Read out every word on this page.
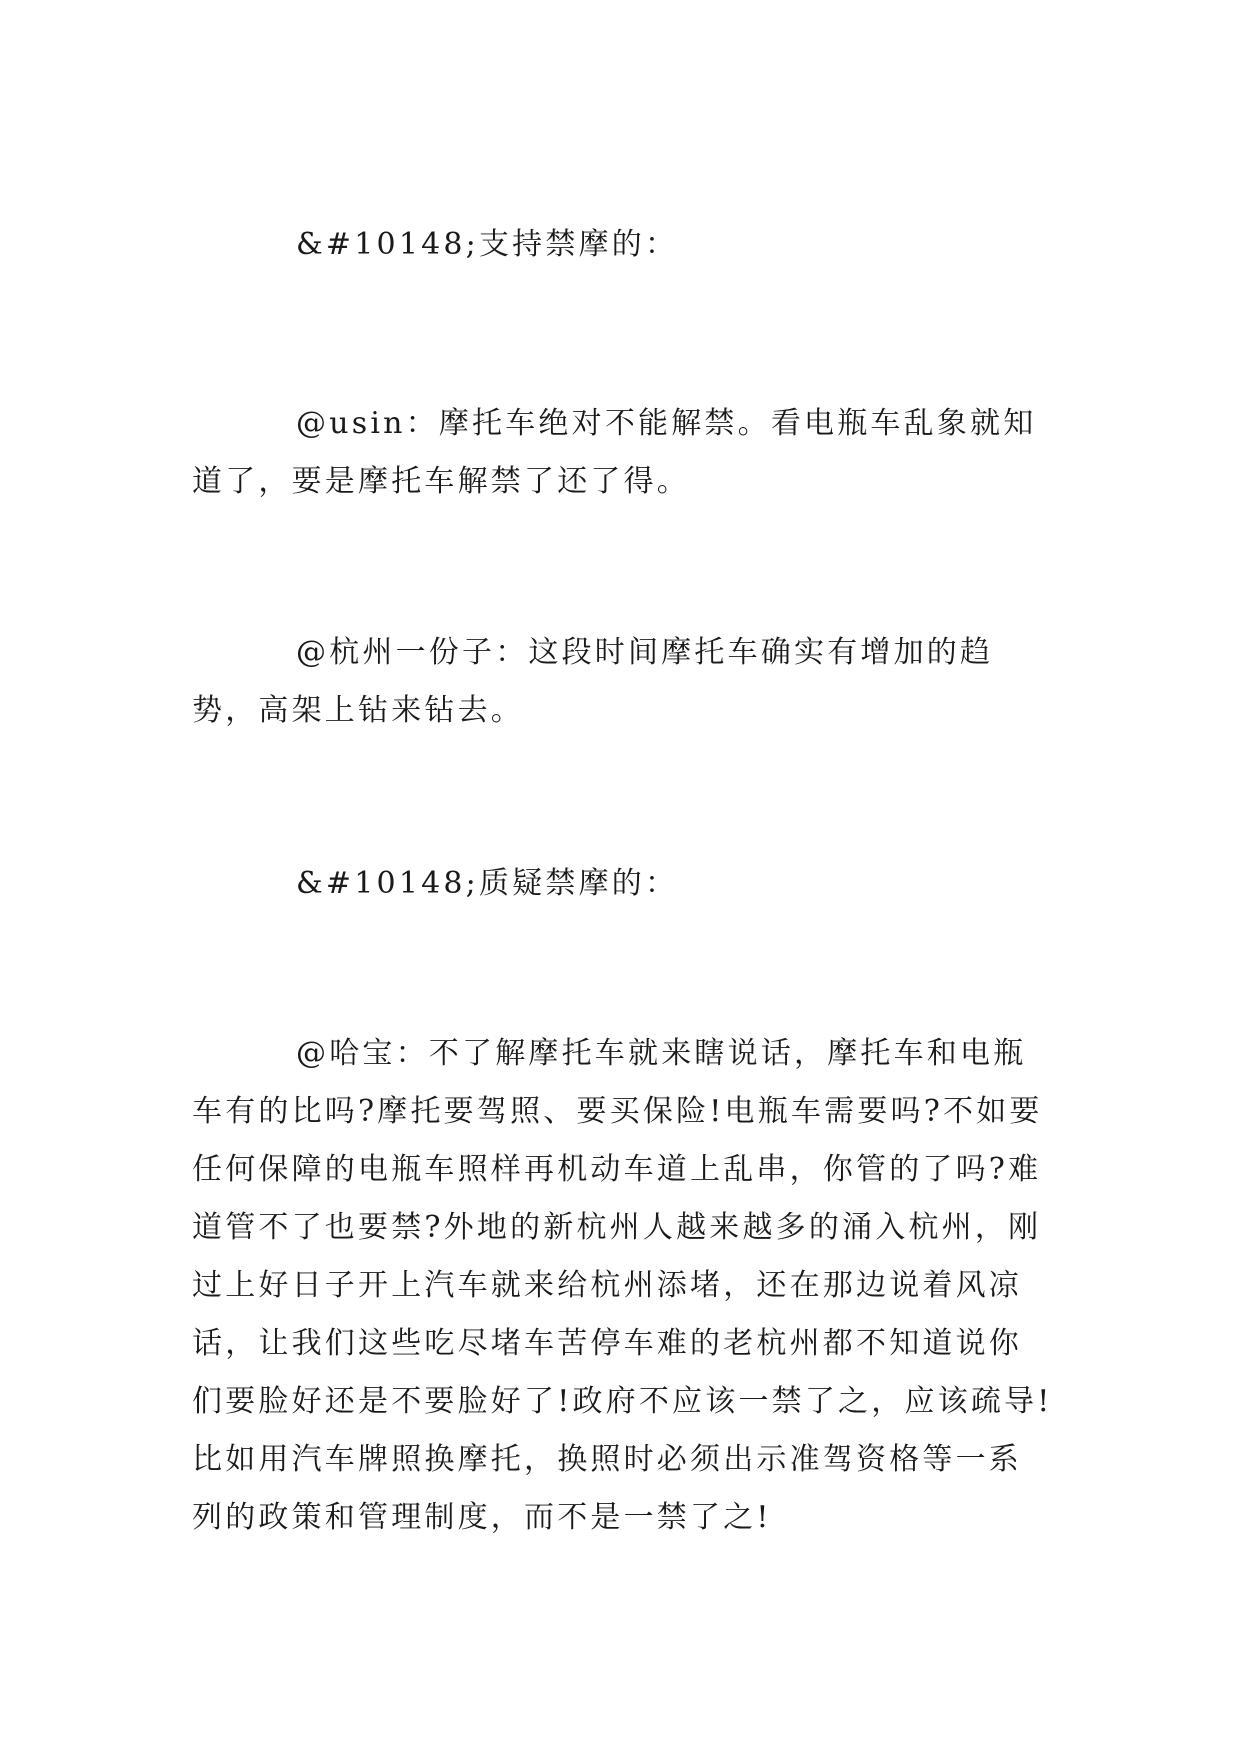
&#10148;支持禁摩的：

@usin：摩托车绝对不能解禁。看电瓶车乱象就知道了，要是摩托车解禁了还了得。

@杭州一份子：这段时间摩托车确实有增加的趋势，高架上钻来钻去。

&#10148;质疑禁摩的：

@哈宝：不了解摩托车就来瞎说话，摩托车和电瓶车有的比吗?摩托要驾照、要买保险!电瓶车需要吗?不如要任何保障的电瓶车照样再机动车道上乱串，你管的了吗?难道管不了也要禁?外地的新杭州人越来越多的涌入杭州，刚过上好日子开上汽车就来给杭州添堵，还在那边说着风凉话，让我们这些吃尽堵车苦停车难的老杭州都不知道说你们要脸好还是不要脸好了!政府不应该一禁了之，应该疏导!比如用汽车牌照换摩托，换照时必须出示准驾资格等一系列的政策和管理制度，而不是一禁了之!
